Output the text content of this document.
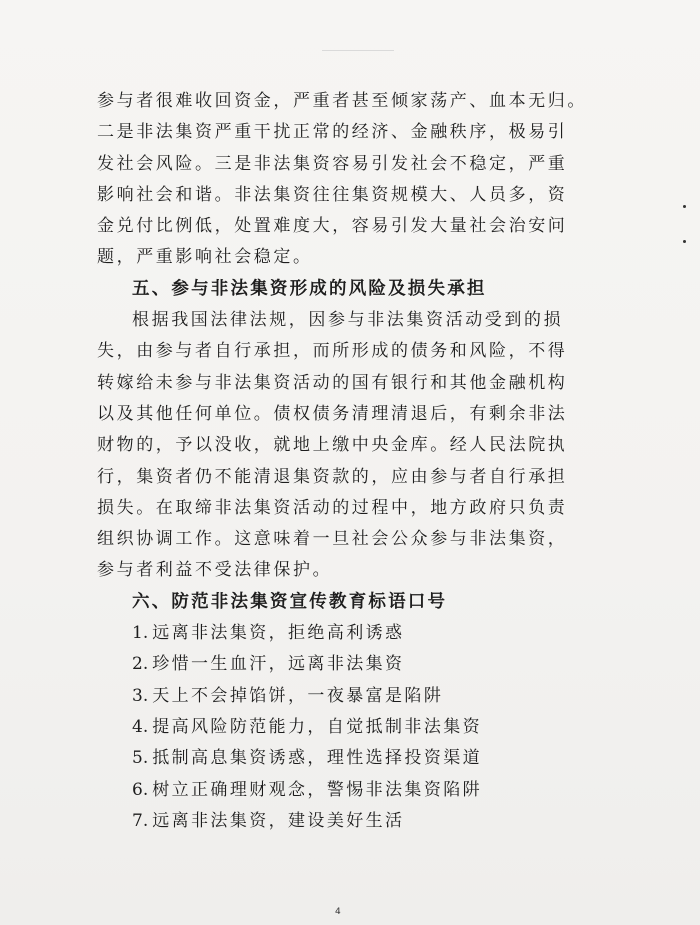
参与者很难收回资金，严重者甚至倾家荡产、血本无归。
二是非法集资严重干扰正常的经济、金融秩序，极易引
发社会风险。三是非法集资容易引发社会不稳定，严重
影响社会和谐。非法集资往往集资规模大、人员多，资
金兑付比例低，处置难度大，容易引发大量社会治安问
题，严重影响社会稳定。
五、参与非法集资形成的风险及损失承担
根据我国法律法规，因参与非法集资活动受到的损
失，由参与者自行承担，而所形成的债务和风险，不得
转嫁给未参与非法集资活动的国有银行和其他金融机构
以及其他任何单位。债权债务清理清退后，有剩余非法
财物的，予以没收，就地上缴中央金库。经人民法院执
行，集资者仍不能清退集资款的，应由参与者自行承担
损失。在取缔非法集资活动的过程中，地方政府只负责
组织协调工作。这意味着一旦社会公众参与非法集资，
参与者利益不受法律保护。
六、防范非法集资宣传教育标语口号
1. 远离非法集资，拒绝高利诱惑
2. 珍惜一生血汗，远离非法集资
3. 天上不会掉馅饼，一夜暴富是陷阱
4. 提高风险防范能力，自觉抵制非法集资
5. 抵制高息集资诱惑，理性选择投资渠道
6. 树立正确理财观念，警惕非法集资陷阱
7. 远离非法集资，建设美好生活
4
